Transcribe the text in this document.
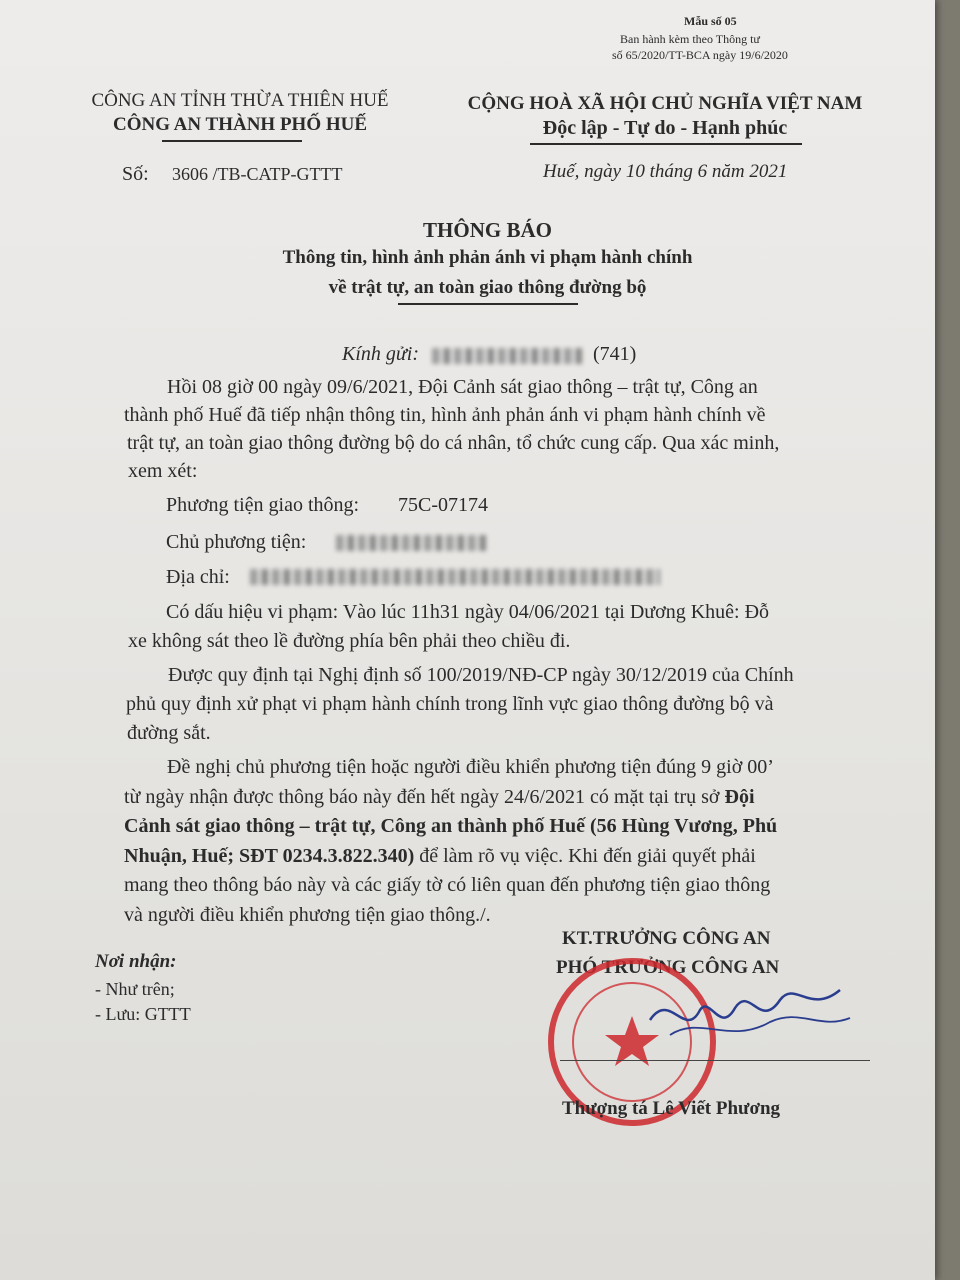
Mẫu số 05
Ban hành kèm theo Thông tư
số 65/2020/TT-BCA ngày 19/6/2020
CÔNG AN TỈNH THỪA THIÊN HUẾ
CÔNG AN THÀNH PHỐ HUẾ
Số: 3606 /TB-CATP-GTTT
CỘNG HOÀ XÃ HỘI CHỦ NGHĨA VIỆT NAM
Độc lập - Tự do - Hạnh phúc
Huế, ngày 10 tháng 6 năm 2021
THÔNG BÁO
Thông tin, hình ảnh phản ánh vi phạm hành chính
về trật tự, an toàn giao thông đường bộ
Kính gửi:	(741)
Hồi 08 giờ 00 ngày 09/6/2021, Đội Cảnh sát giao thông – trật tự, Công an
thành phố Huế đã tiếp nhận thông tin, hình ảnh phản ánh vi phạm hành chính về
trật tự, an toàn giao thông đường bộ do cá nhân, tổ chức cung cấp. Qua xác minh,
xem xét:
Phương tiện giao thông: 75C-07174
Chủ phương tiện:
Địa chỉ:
Có dấu hiệu vi phạm: Vào lúc 11h31 ngày 04/06/2021 tại Dương Khuê: Đỗ
xe không sát theo lề đường phía bên phải theo chiều đi.
Được quy định tại Nghị định số 100/2019/NĐ-CP ngày 30/12/2019 của Chính
phủ quy định xử phạt vi phạm hành chính trong lĩnh vực giao thông đường bộ và
đường sắt.
Đề nghị chủ phương tiện hoặc người điều khiển phương tiện đúng 9 giờ 00’
từ ngày nhận được thông báo này đến hết ngày 24/6/2021 có mặt tại trụ sở Đội
Cảnh sát giao thông – trật tự, Công an thành phố Huế (56 Hùng Vương, Phú
Nhuận, Huế; SĐT 0234.3.822.340) để làm rõ vụ việc. Khi đến giải quyết phải
mang theo thông báo này và các giấy tờ có liên quan đến phương tiện giao thông
và người điều khiển phương tiện giao thông./.
KT.TRƯỞNG CÔNG AN
PHÓ TRƯỞNG CÔNG AN
Thượng tá Lê Viết Phương
Nơi nhận:
- Như trên;
- Lưu: GTTT
